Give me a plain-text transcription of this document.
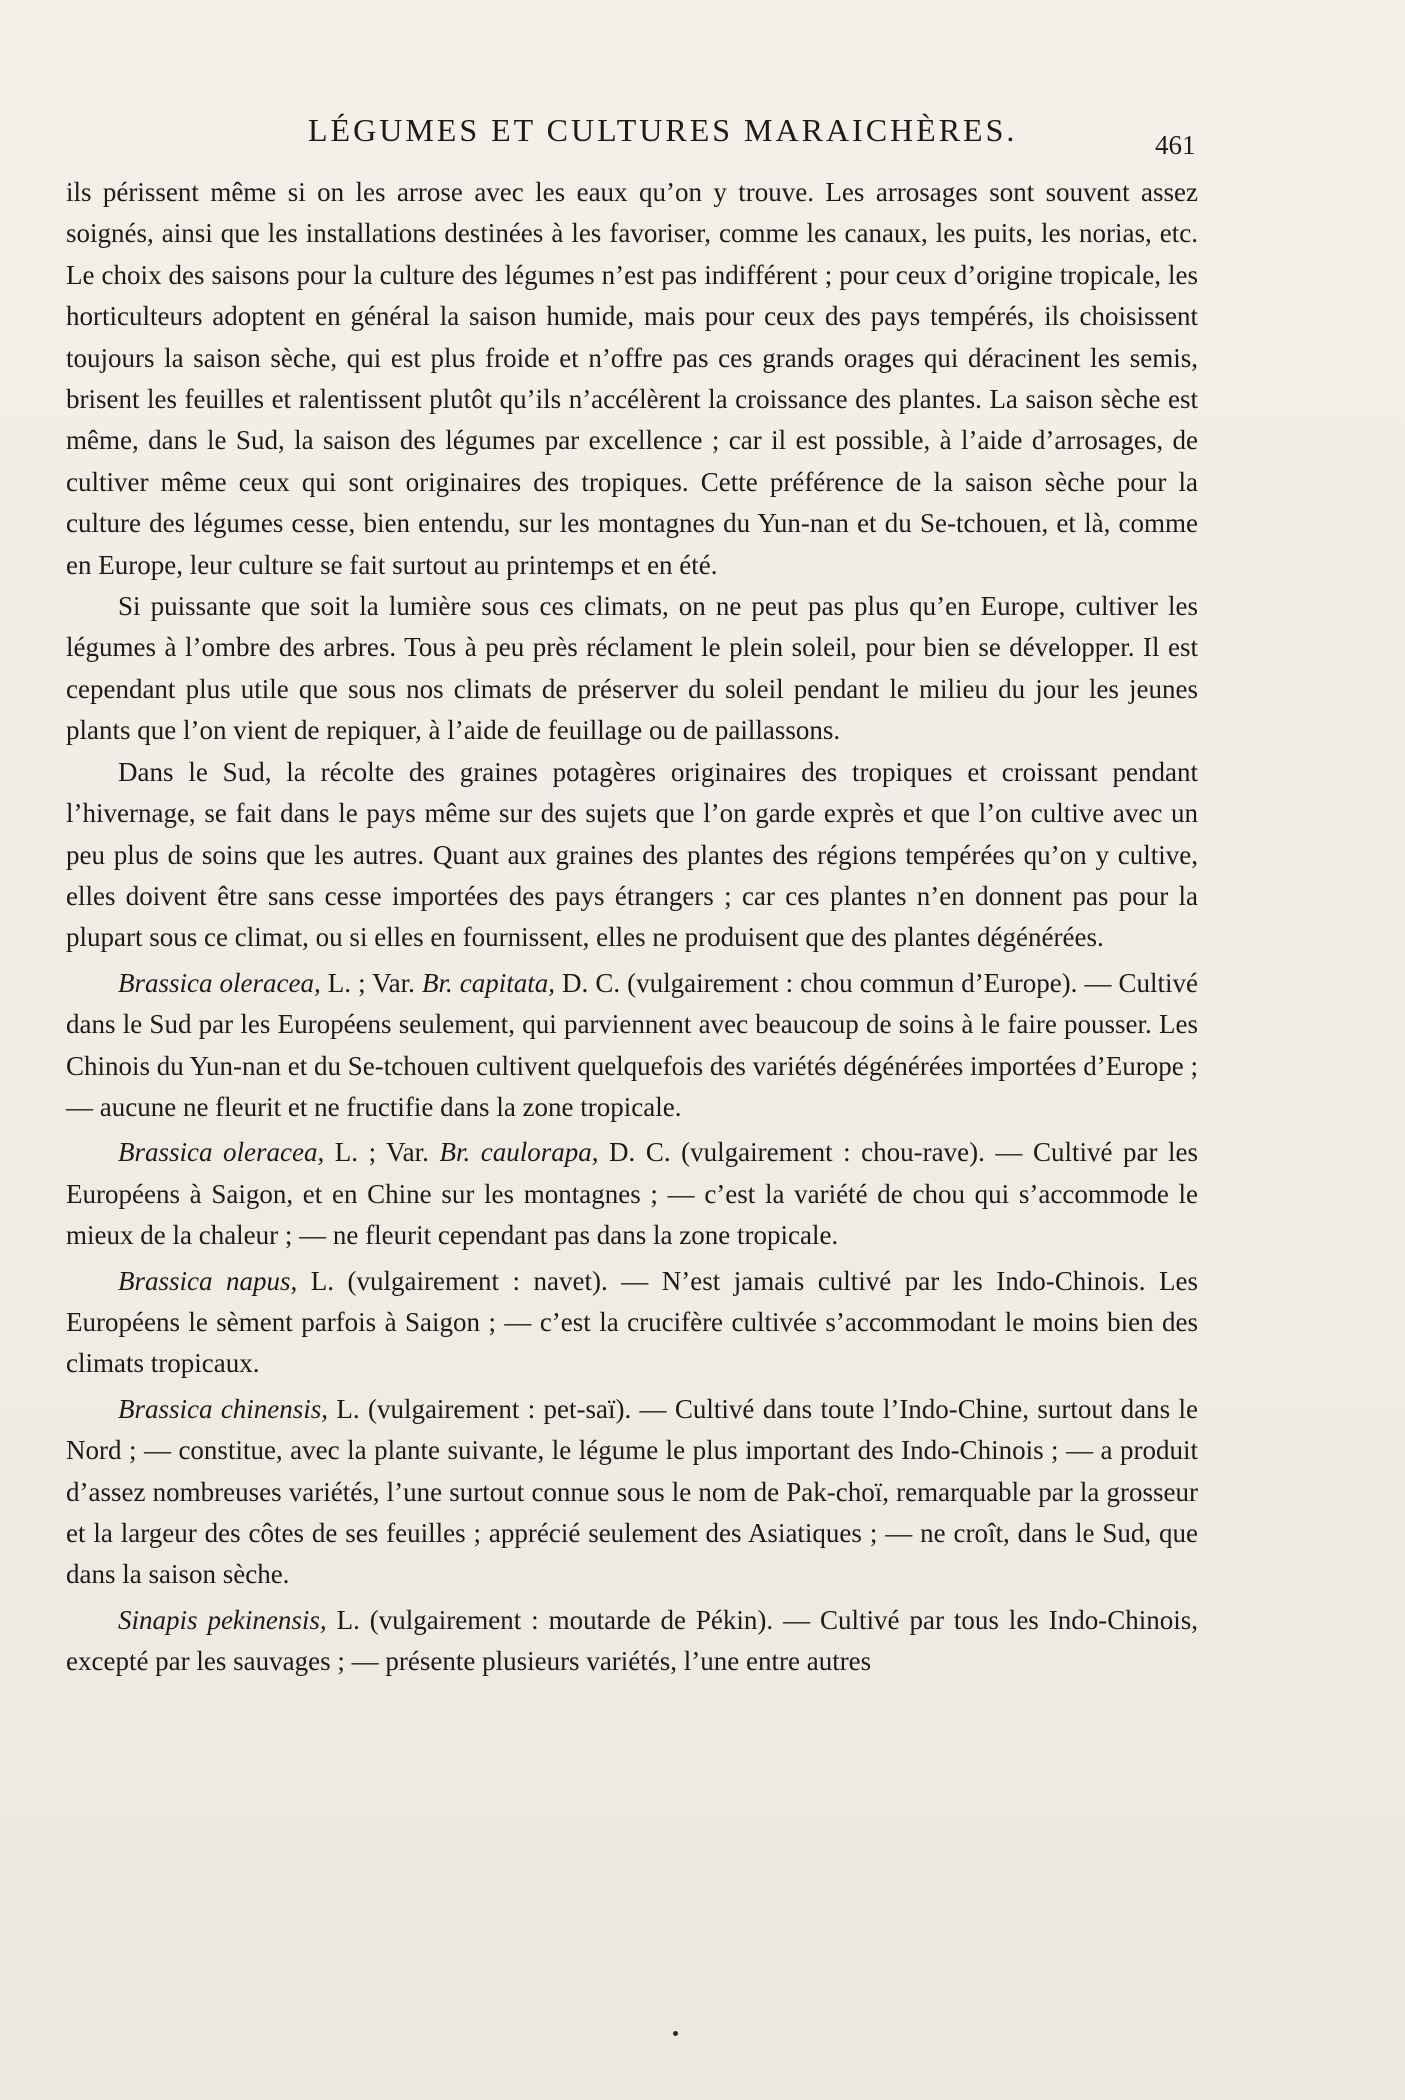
LÉGUMES ET CULTURES MARAICHÈRES.	461

ils périssent même si on les arrose avec les eaux qu’on y trouve. Les arrosages sont souvent assez soignés, ainsi que les installations destinées à les favoriser, comme les canaux, les puits, les norias, etc. Le choix des saisons pour la culture des légumes n’est pas indifférent ; pour ceux d’origine tropicale, les horticulteurs adoptent en général la saison humide, mais pour ceux des pays tempérés, ils choisissent toujours la saison sèche, qui est plus froide et n’offre pas ces grands orages qui déracinent les semis, brisent les feuilles et ralentissent plutôt qu’ils n’accélèrent la croissance des plantes. La saison sèche est même, dans le Sud, la saison des légumes par excellence ; car il est possible, à l’aide d’arrosages, de cultiver même ceux qui sont originaires des tropiques. Cette préférence de la saison sèche pour la culture des légumes cesse, bien entendu, sur les montagnes du Yun-nan et du Se-tchouen, et là, comme en Europe, leur culture se fait surtout au printemps et en été.

Si puissante que soit la lumière sous ces climats, on ne peut pas plus qu’en Europe, cultiver les légumes à l’ombre des arbres. Tous à peu près réclament le plein soleil, pour bien se développer. Il est cependant plus utile que sous nos climats de préserver du soleil pendant le milieu du jour les jeunes plants que l’on vient de repiquer, à l’aide de feuillage ou de paillassons.

Dans le Sud, la récolte des graines potagères originaires des tropiques et croissant pendant l’hivernage, se fait dans le pays même sur des sujets que l’on garde exprès et que l’on cultive avec un peu plus de soins que les autres. Quant aux graines des plantes des régions tempérées qu’on y cultive, elles doivent être sans cesse importées des pays étrangers ; car ces plantes n’en donnent pas pour la plupart sous ce climat, ou si elles en fournissent, elles ne produisent que des plantes dégénérées.

Brassica oleracea, L. ; Var. Br. capitata, D. C. (vulgairement : chou commun d’Europe). — Cultivé dans le Sud par les Européens seulement, qui parviennent avec beaucoup de soins à le faire pousser. Les Chinois du Yun-nan et du Se-tchouen cultivent quelquefois des variétés dégénérées importées d’Europe ; — aucune ne fleurit et ne fructifie dans la zone tropicale.

Brassica oleracea, L. ; Var. Br. caulorapa, D. C. (vulgairement : chou-rave). — Cultivé par les Européens à Saigon, et en Chine sur les montagnes ; — c’est la variété de chou qui s’accommode le mieux de la chaleur ; — ne fleurit cependant pas dans la zone tropicale.

Brassica napus, L. (vulgairement : navet). — N’est jamais cultivé par les Indo-Chinois. Les Européens le sèment parfois à Saigon ; — c’est la crucifère cultivée s’accommodant le moins bien des climats tropicaux.

Brassica chinensis, L. (vulgairement : pet-saï). — Cultivé dans toute l’Indo-Chine, surtout dans le Nord ; — constitue, avec la plante suivante, le légume le plus important des Indo-Chinois ; — a produit d’assez nombreuses variétés, l’une surtout connue sous le nom de Pak-choï, remarquable par la grosseur et la largeur des côtes de ses feuilles ; apprécié seulement des Asiatiques ; — ne croît, dans le Sud, que dans la saison sèche.

Sinapis pekinensis, L. (vulgairement : moutarde de Pékin). — Cultivé par tous les Indo-Chinois, excepté par les sauvages ; — présente plusieurs variétés, l’une entre autres
